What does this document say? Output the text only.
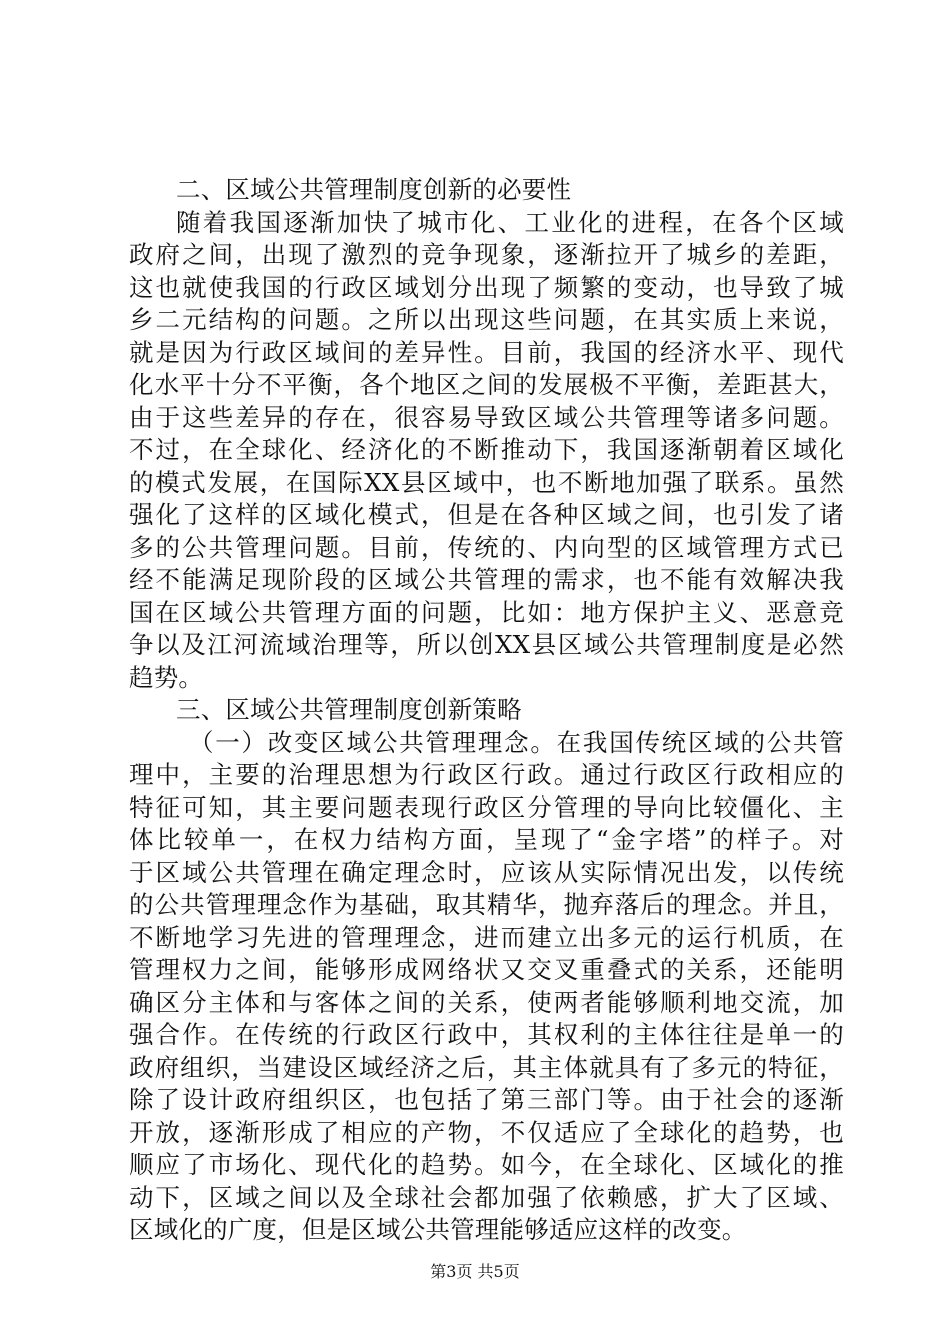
二、区域公共管理制度创新的必要性
随着我国逐渐加快了城市化、工业化的进程，在各个区域
政府之间，出现了激烈的竞争现象，逐渐拉开了城乡的差距，
这也就使我国的行政区域划分出现了频繁的变动，也导致了城
乡二元结构的问题。之所以出现这些问题，在其实质上来说，
就是因为行政区域间的差异性。目前，我国的经济水平、现代
化水平十分不平衡，各个地区之间的发展极不平衡，差距甚大，
由于这些差异的存在，很容易导致区域公共管理等诸多问题。
不过，在全球化、经济化的不断推动下，我国逐渐朝着区域化
的模式发展，在国际XX县区域中，也不断地加强了联系。虽然
强化了这样的区域化模式，但是在各种区域之间，也引发了诸
多的公共管理问题。目前，传统的、内向型的区域管理方式已
经不能满足现阶段的区域公共管理的需求，也不能有效解决我
国在区域公共管理方面的问题，比如：地方保护主义、恶意竞
争以及江河流域治理等，所以创XX县区域公共管理制度是必然
趋势。
三、区域公共管理制度创新策略
（一）改变区域公共管理理念。在我国传统区域的公共管
理中，主要的治理思想为行政区行政。通过行政区行政相应的
特征可知，其主要问题表现行政区分管理的导向比较僵化、主
体比较单一，在权力结构方面，呈现了“金字塔”的样子。对
于区域公共管理在确定理念时，应该从实际情况出发，以传统
的公共管理理念作为基础，取其精华，抛弃落后的理念。并且，
不断地学习先进的管理理念，进而建立出多元的运行机质，在
管理权力之间，能够形成网络状又交叉重叠式的关系，还能明
确区分主体和与客体之间的关系，使两者能够顺利地交流，加
强合作。在传统的行政区行政中，其权利的主体往往是单一的
政府组织，当建设区域经济之后，其主体就具有了多元的特征，
除了设计政府组织区，也包括了第三部门等。由于社会的逐渐
开放，逐渐形成了相应的产物，不仅适应了全球化的趋势，也
顺应了市场化、现代化的趋势。如今，在全球化、区域化的推
动下，区域之间以及全球社会都加强了依赖感，扩大了区域、
区域化的广度，但是区域公共管理能够适应这样的改变。
第3页 共5页
